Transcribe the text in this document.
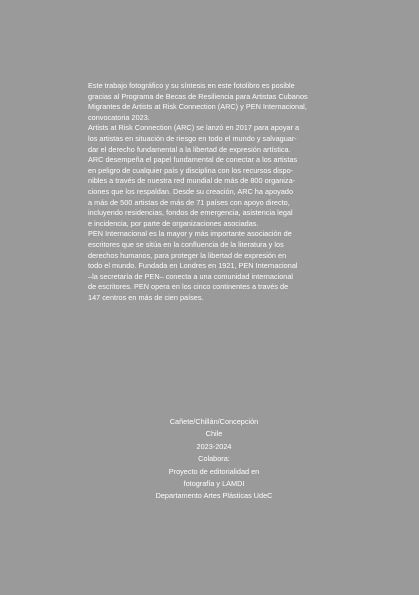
Este trabajo fotográfico y su síntesis en este fotolibro es posible
gracias al Programa de Becas de Resiliencia para Artistas Cubanos
Migrantes de Artists at Risk Connection (ARC) y PEN Internacional,
convocatoria 2023.

Artists at Risk Connection (ARC) se lanzó en 2017 para apoyar a
los artistas en situación de riesgo en todo el mundo y salvaguar-
dar el derecho fundamental a la libertad de expresión artística.
ARC desempeña el papel fundamental de conectar a los artistas
en peligro de cualquier país y disciplina con los recursos dispo-
nibles a través de nuestra red mundial de más de 800 organiza-
ciones que los respaldan. Desde su creación, ARC ha apoyado
a más de 500 artistas de más de 71 países con apoyo directo,
incluyendo residencias, fondos de emergencia, asistencia legal
e incidencia, por parte de organizaciones asociadas.

PEN Internacional es la mayor y más importante asociación de
escritores que se sitúa en la confluencia de la literatura y los
derechos humanos, para proteger la libertad de expresión en
todo el mundo. Fundada en Londres en 1921, PEN Internacional
–la secretaría de PEN– conecta a una comunidad internacional
de escritores. PEN opera en los cinco continentes a través de
147 centros en más de cien países.

Cañete/Chillán/Concepción
Chile
2023-2024
Colabora:
Proyecto de editorialidad en
fotografía y LAMDI
Departamento Artes Plásticas UdeC
